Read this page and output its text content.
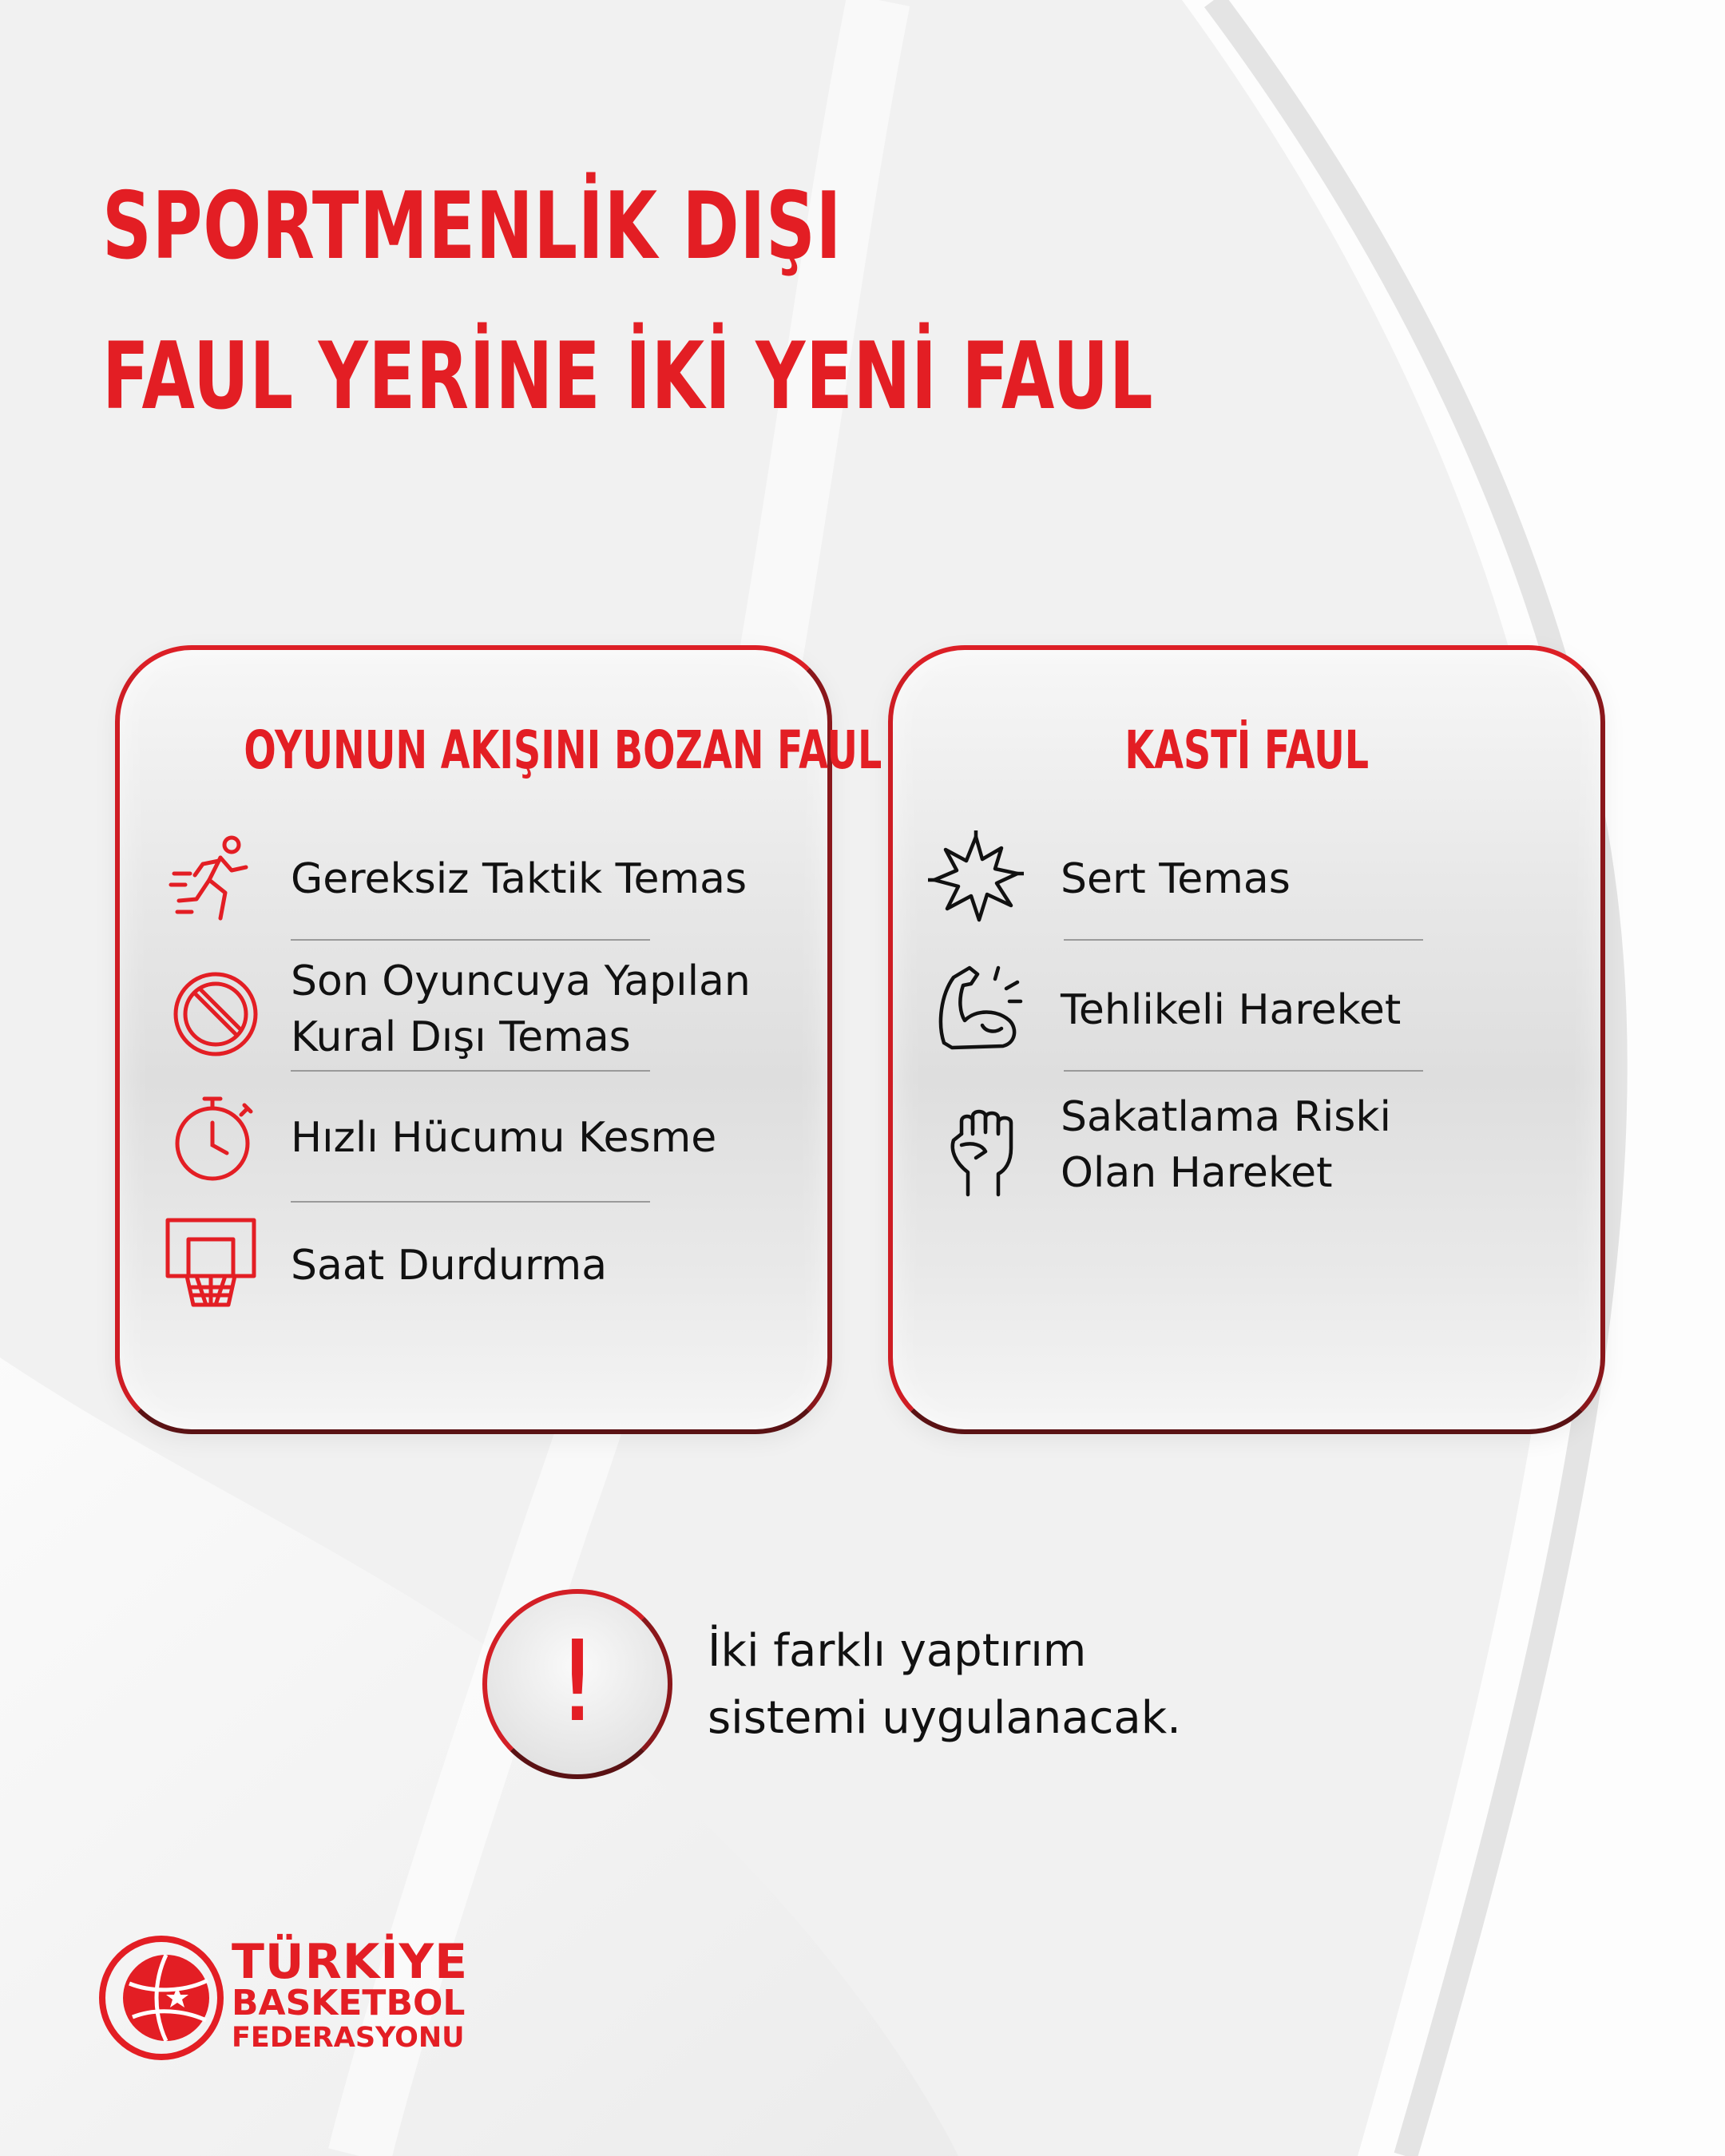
SPORTMENLİK DIŞI
FAUL YERİNE İKİ YENİ FAUL
OYUNUN AKIŞINI BOZAN FAUL
Gereksiz Taktik Temas
Son Oyuncuya Yapılan
Kural Dışı Temas
Hızlı Hücumu Kesme
Saat Durdurma
KASTİ FAUL
Sert Temas
Tehlikeli Hareket
Sakatlama Riski
Olan Hareket
!	İki farklı yaptırım
sistemi uygulanacak.
TÜRKİYE
BASKETBOL
FEDERASYONU
